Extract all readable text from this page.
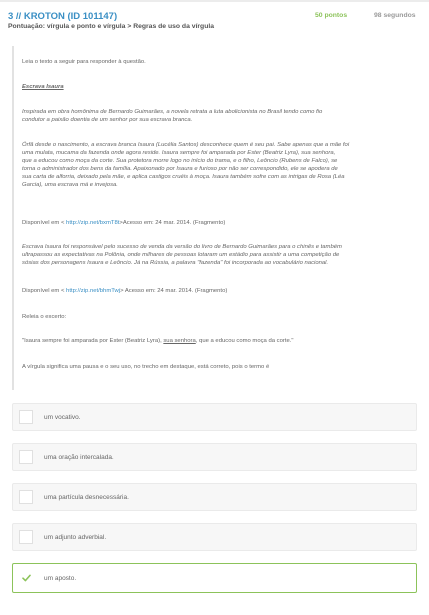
3 // KROTON (ID 101147)
Pontuação: vírgula e ponto e vírgula > Regras de uso da vírgula
50 pontos	98 segundos

Leia o texto a seguir para responder à questão.

Escrava Isaura

Inspirada em obra homônima de Bernardo Guimarães, a novela retrata a luta abolicionista no Brasil tendo como fio

condutor a paixão doentia de um senhor por sua escrava branca.

Órfã desde o nascimento, a escrava branca Isaura (Lucélia Santos) desconhece quem é seu pai. Sabe apenas que a mãe foi

uma mulata, mucama da fazenda onde agora reside. Isaura sempre foi amparada por Ester (Beatriz Lyra), sua senhora,

que a educou como moça da corte. Sua protetora morre logo no início do trama, e o filho, Leôncio (Rubens de Falco), se

torna o administrador dos bens da família. Apaixonado por Isaura e furioso por não ser correspondido, ele se apodera de

sua carta de alforria, deixado pela mãe, e aplica castigos cruéis à moça. Isaura também sofre com as intrigas de Rosa (Léa

Garcia), uma escrava má e invejosa.

Disponível em < http://zip.net/bxmT8t>Acesso em: 24 mar. 2014. (Fragmento)

Escrava Isaura foi responsável pelo sucesso de venda da versão do livro de Bernardo Guimarães para o chinês e também

ultrapassou as expectativas na Polônia, onde milhares de pessoas lotaram um estádio para assistir a uma competição de

sósias dos personagens Isaura e Leôncio. Já na Rússia, a palavra "fazenda" foi incorporada ao vocabulário nacional.

Disponível em < http://zip.net/bhmTwj> Acesso em: 24 mar. 2014. (Fragmento)

Releia o excerto:

"Isaura sempre foi amparada por Ester (Beatriz Lyra), sua senhora, que a educou como moça da corte."

A vírgula significa uma pausa e o seu uso, no trecho em destaque, está correto, pois o termo é

um vocativo.
uma oração intercalada.
uma partícula desnecessária.
um adjunto adverbial.
um aposto.
